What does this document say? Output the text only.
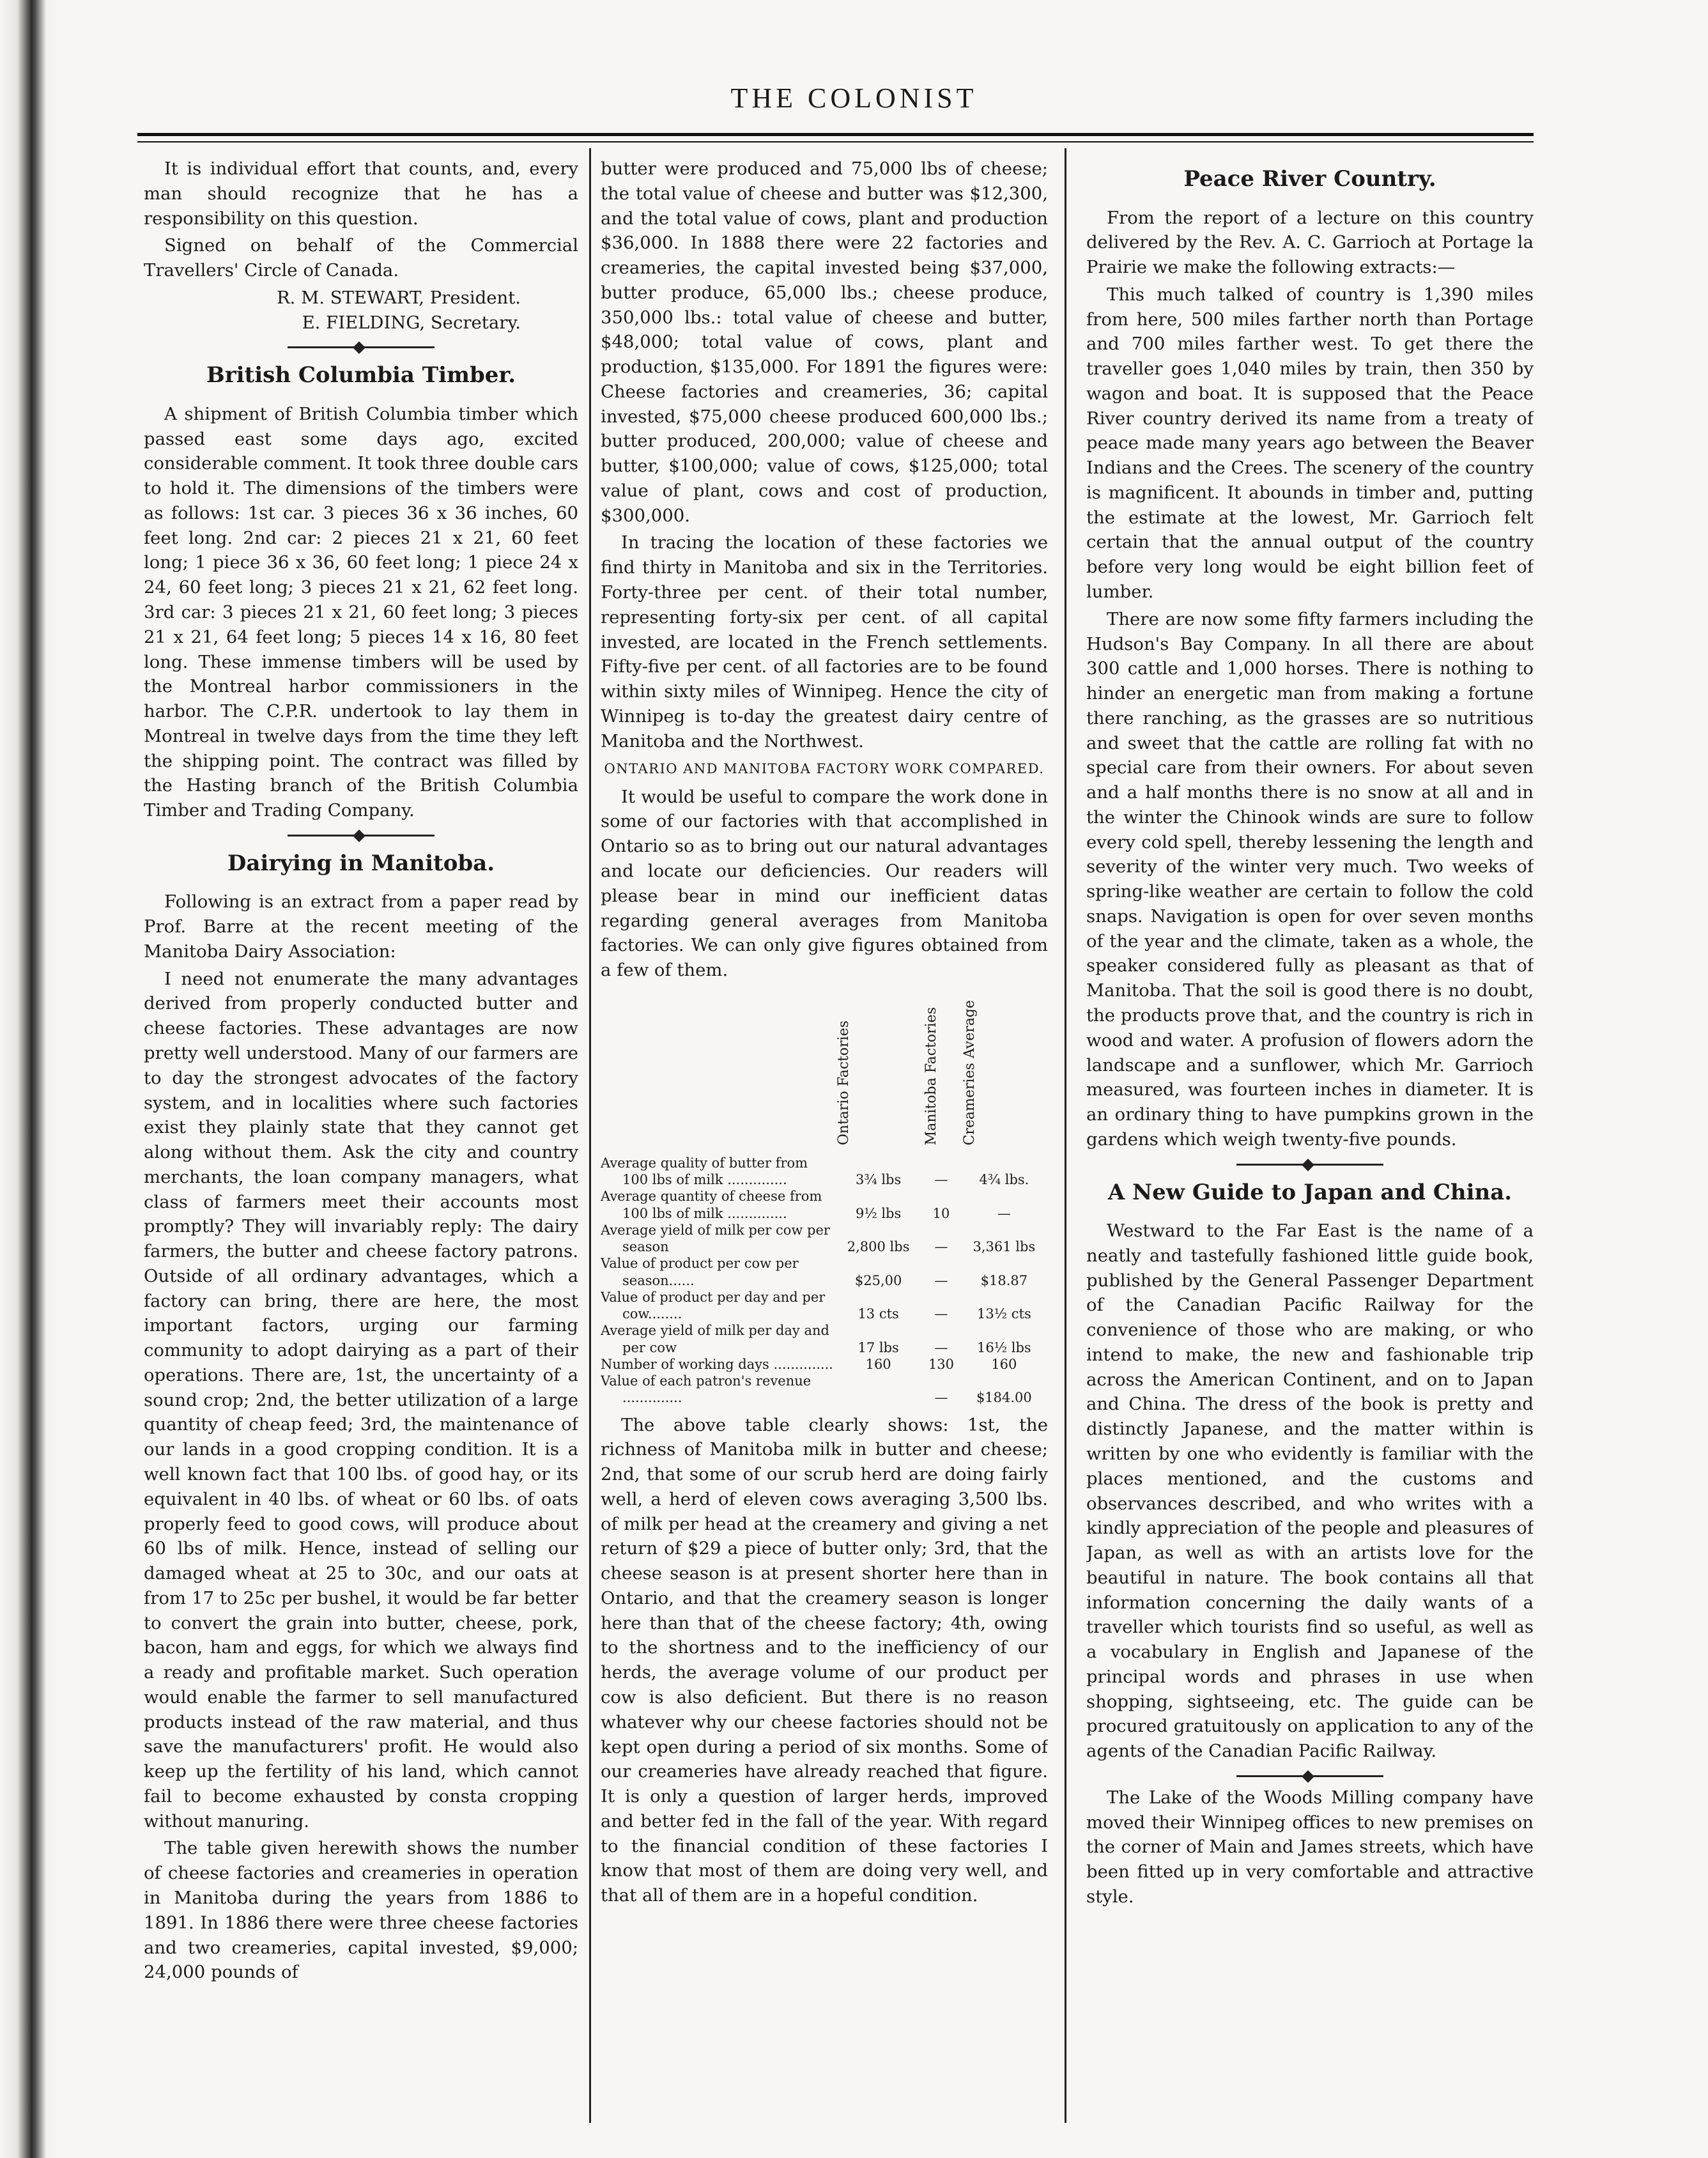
THE COLONIST

It is individual effort that counts, and, every man should recognize that he has a responsibility on this question.

Signed on behalf of the Commercial Travellers' Circle of Canada.

R. M. STEWART, President.

E. FIELDING, Secretary.

British Columbia Timber.

A shipment of British Columbia timber which passed east some days ago, excited considerable comment. It took three double cars to hold it. The dimensions of the timbers were as follows: 1st car. 3 pieces 36 x 36 inches, 60 feet long. 2nd car: 2 pieces 21 x 21, 60 feet long; 1 piece 36 x 36, 60 feet long; 1 piece 24 x 24, 60 feet long; 3 pieces 21 x 21, 62 feet long. 3rd car: 3 pieces 21 x 21, 60 feet long; 3 pieces 21 x 21, 64 feet long; 5 pieces 14 x 16, 80 feet long. These immense timbers will be used by the Montreal harbor commissioners in the harbor. The C.P.R. undertook to lay them in Montreal in twelve days from the time they left the shipping point. The contract was filled by the Hasting branch of the British Columbia Timber and Trading Company.

Dairying in Manitoba.

Following is an extract from a paper read by Prof. Barre at the recent meeting of the Manitoba Dairy Association:

I need not enumerate the many advantages derived from properly conducted butter and cheese factories. These advantages are now pretty well understood. Many of our farmers are to day the strongest advocates of the factory system, and in localities where such factories exist they plainly state that they cannot get along without them. Ask the city and country merchants, the loan company managers, what class of farmers meet their accounts most promptly? They will invariably reply: The dairy farmers, the butter and cheese factory patrons. Outside of all ordinary advantages, which a factory can bring, there are here, the most important factors, urging our farming community to adopt dairying as a part of their operations. There are, 1st, the uncertainty of a sound crop; 2nd, the better utilization of a large quantity of cheap feed; 3rd, the maintenance of our lands in a good cropping condition. It is a well known fact that 100 lbs. of good hay, or its equivalent in 40 lbs. of wheat or 60 lbs. of oats properly feed to good cows, will produce about 60 lbs of milk. Hence, instead of selling our damaged wheat at 25 to 30c, and our oats at from 17 to 25c per bushel, it would be far better to convert the grain into butter, cheese, pork, bacon, ham and eggs, for which we always find a ready and profitable market. Such operation would enable the farmer to sell manufactured products instead of the raw material, and thus save the manufacturers' profit. He would also keep up the fertility of his land, which cannot fail to become exhausted by consta cropping without manuring.

The table given herewith shows the number of cheese factories and creameries in operation in Manitoba during the years from 1886 to 1891. In 1886 there were three cheese factories and two creameries, capital invested, $9,000; 24,000 pounds of

butter were produced and 75,000 lbs of cheese; the total value of cheese and butter was $12,300, and the total value of cows, plant and production $36,000. In 1888 there were 22 factories and creameries, the capital invested being $37,000, butter produce, 65,000 lbs.; cheese produce, 350,000 lbs.: total value of cheese and butter, $48,000; total value of cows, plant and production, $135,000. For 1891 the figures were: Cheese factories and creameries, 36; capital invested, $75,000 cheese produced 600,000 lbs.; butter produced, 200,000; value of cheese and butter, $100,000; value of cows, $125,000; total value of plant, cows and cost of production, $300,000.

In tracing the location of these factories we find thirty in Manitoba and six in the Territories. Forty-three per cent. of their total number, representing forty-six per cent. of all capital invested, are located in the French settlements. Fifty-five per cent. of all factories are to be found within sixty miles of Winnipeg. Hence the city of Winnipeg is to-day the greatest dairy centre of Manitoba and the Northwest.

ONTARIO AND MANITOBA FACTORY WORK COMPARED.

It would be useful to compare the work done in some of our factories with that accomplished in Ontario so as to bring out our natural advantages and locate our deficiencies. Our readers will please bear in mind our inefficient datas regarding general averages from Manitoba factories. We can only give figures obtained from a few of them.

	Ontario Factories	Manitoba Factories	Creameries Average
Average quality of butter from 100 lbs of milk ..............	3¾ lbs	—	4¾ lbs.
Average quantity of cheese from 100 lbs of milk ..............	9½ lbs	10	—
Average yield of milk per cow per season	2,800 lbs	—	3,361 lbs
Value of product per cow per season......	$25,00	—	$18.87
Value of product per day and per cow........	13 cts	—	13½ cts
Average yield of milk per day and per cow	17 lbs	—	16½ lbs
Number of working days ..............	160	130	160
Value of each patron's revenue ..............		—	$184.00

The above table clearly shows: 1st, the richness of Manitoba milk in butter and cheese; 2nd, that some of our scrub herd are doing fairly well, a herd of eleven cows averaging 3,500 lbs. of milk per head at the creamery and giving a net return of $29 a piece of butter only; 3rd, that the cheese season is at present shorter here than in Ontario, and that the creamery season is longer here than that of the cheese factory; 4th, owing to the shortness and to the inefficiency of our herds, the average volume of our product per cow is also deficient. But there is no reason whatever why our cheese factories should not be kept open during a period of six months. Some of our creameries have already reached that figure. It is only a question of larger herds, improved and better fed in the fall of the year. With regard to the financial condition of these factories I know that most of them are doing very well, and that all of them are in a hopeful condition.

Peace River Country.

From the report of a lecture on this country delivered by the Rev. A. C. Garrioch at Portage la Prairie we make the following extracts:—

This much talked of country is 1,390 miles from here, 500 miles farther north than Portage and 700 miles farther west. To get there the traveller goes 1,040 miles by train, then 350 by wagon and boat. It is supposed that the Peace River country derived its name from a treaty of peace made many years ago between the Beaver Indians and the Crees. The scenery of the country is magnificent. It abounds in timber and, putting the estimate at the lowest, Mr. Garrioch felt certain that the annual output of the country before very long would be eight billion feet of lumber.

There are now some fifty farmers including the Hudson's Bay Company. In all there are about 300 cattle and 1,000 horses. There is nothing to hinder an energetic man from making a fortune there ranching, as the grasses are so nutritious and sweet that the cattle are rolling fat with no special care from their owners. For about seven and a half months there is no snow at all and in the winter the Chinook winds are sure to follow every cold spell, thereby lessening the length and severity of the winter very much. Two weeks of spring-like weather are certain to follow the cold snaps. Navigation is open for over seven months of the year and the climate, taken as a whole, the speaker considered fully as pleasant as that of Manitoba. That the soil is good there is no doubt, the products prove that, and the country is rich in wood and water. A profusion of flowers adorn the landscape and a sunflower, which Mr. Garrioch measured, was fourteen inches in diameter. It is an ordinary thing to have pumpkins grown in the gardens which weigh twenty-five pounds.

A New Guide to Japan and China.

Westward to the Far East is the name of a neatly and tastefully fashioned little guide book, published by the General Passenger Department of the Canadian Pacific Railway for the convenience of those who are making, or who intend to make, the new and fashionable trip across the American Continent, and on to Japan and China. The dress of the book is pretty and distinctly Japanese, and the matter within is written by one who evidently is familiar with the places mentioned, and the customs and observances described, and who writes with a kindly appreciation of the people and pleasures of Japan, as well as with an artists love for the beautiful in nature. The book contains all that information concerning the daily wants of a traveller which tourists find so useful, as well as a vocabulary in English and Japanese of the principal words and phrases in use when shopping, sightseeing, etc. The guide can be procured gratuitously on application to any of the agents of the Canadian Pacific Railway.

The Lake of the Woods Milling company have moved their Winnipeg offices to new premises on the corner of Main and James streets, which have been fitted up in very comfortable and attractive style.
